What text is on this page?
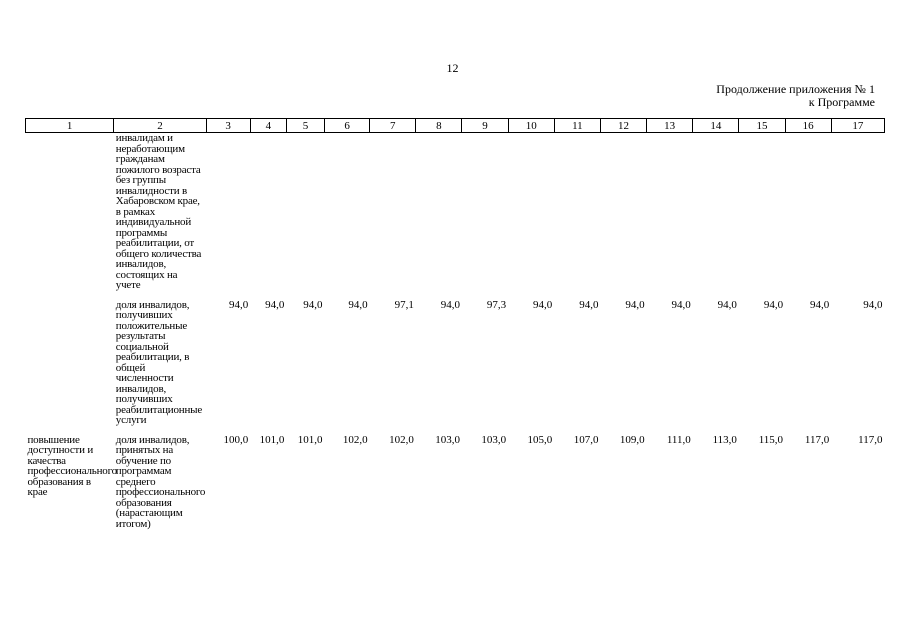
12
Продолжение приложения № 1
к Программе
1	2	3	4	5	6	7	8	9	10	11	12	13	14	15	16	17
	инвалидам и неработающим гражданам пожилого возраста без группы инвалидности в Хабаровском крае, в рамках индивидуальной программы реабилитации, от общего количества инвалидов, состоящих на учете															
	доля инвалидов, получивших положительные результаты социальной реабилитации, в общей численности инвалидов, получивших реабилитационные услуги	94,0	94,0	94,0	94,0	97,1	94,0	97,3	94,0	94,0	94,0	94,0	94,0	94,0	94,0	94,0
повышение доступности и качества профессионального образования в крае	доля инвалидов, принятых на обучение по программам среднего профессионального образования (нарастающим итогом)	100,0	101,0	101,0	102,0	102,0	103,0	103,0	105,0	107,0	109,0	111,0	113,0	115,0	117,0	117,0
